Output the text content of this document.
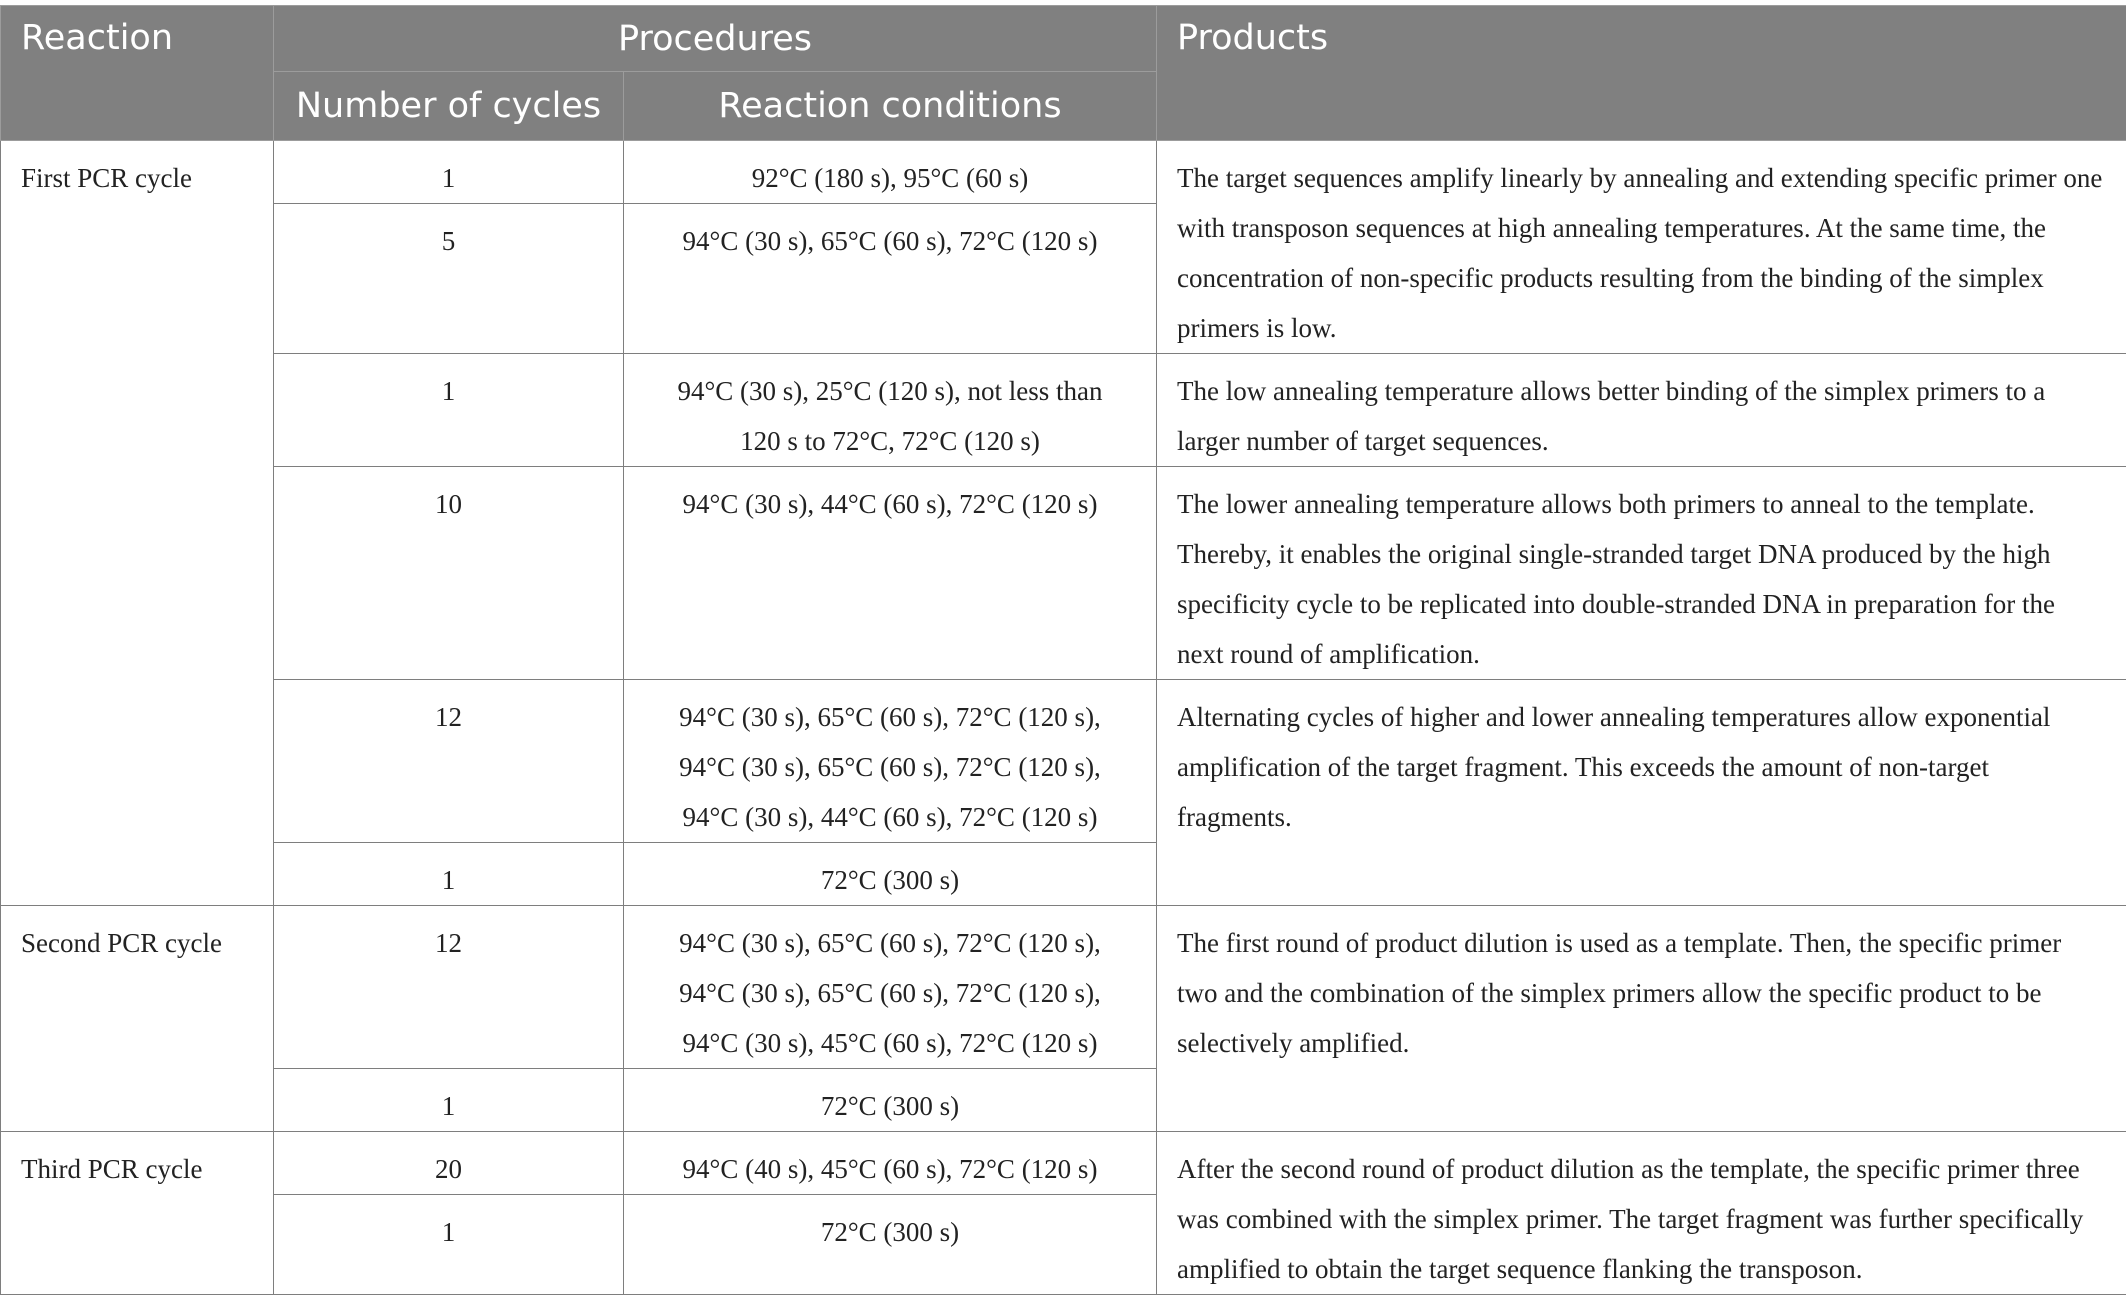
Reaction	Procedures		Products
	Number of cycles	Reaction conditions	
First PCR cycle	1	92°C (180 s), 95°C (60 s)	The target sequences amplify linearly by annealing and extending specific primer one with transposon sequences at high annealing temperatures. At the same time, the concentration of non-specific products resulting from the binding of the simplex primers is low.
	5	94°C (30 s), 65°C (60 s), 72°C (120 s)	

	1	94°C (30 s), 25°C (120 s), not less than
120 s to 72°C, 72°C (120 s)	The low annealing temperature allows better binding of the simplex primers to a larger number of target sequences.
	10	94°C (30 s), 44°C (60 s), 72°C (120 s)	The lower annealing temperature allows both primers to anneal to the template. Thereby, it enables the original single-stranded target DNA produced by the high specificity cycle to be replicated into double-stranded DNA in preparation for the next round of amplification.
	12	94°C (30 s), 65°C (60 s), 72°C (120 s),
94°C (30 s), 65°C (60 s), 72°C (120 s),
94°C (30 s), 44°C (60 s), 72°C (120 s)	Alternating cycles of higher and lower annealing temperatures allow exponential amplification of the target fragment. This exceeds the amount of non-target fragments.
	1	72°C (300 s)	

Second PCR cycle	12	94°C (30 s), 65°C (60 s), 72°C (120 s),
94°C (30 s), 65°C (60 s), 72°C (120 s),
94°C (30 s), 45°C (60 s), 72°C (120 s)	The first round of product dilution is used as a template. Then, the specific primer two and the combination of the simplex primers allow the specific product to be selectively amplified.
	1	72°C (300 s)	

Third PCR cycle	20	94°C (40 s), 45°C (60 s), 72°C (120 s)	After the second round of product dilution as the template, the specific primer three was combined with the simplex primer. The target fragment was further specifically amplified to obtain the target sequence flanking the transposon.
	1	72°C (300 s)	
